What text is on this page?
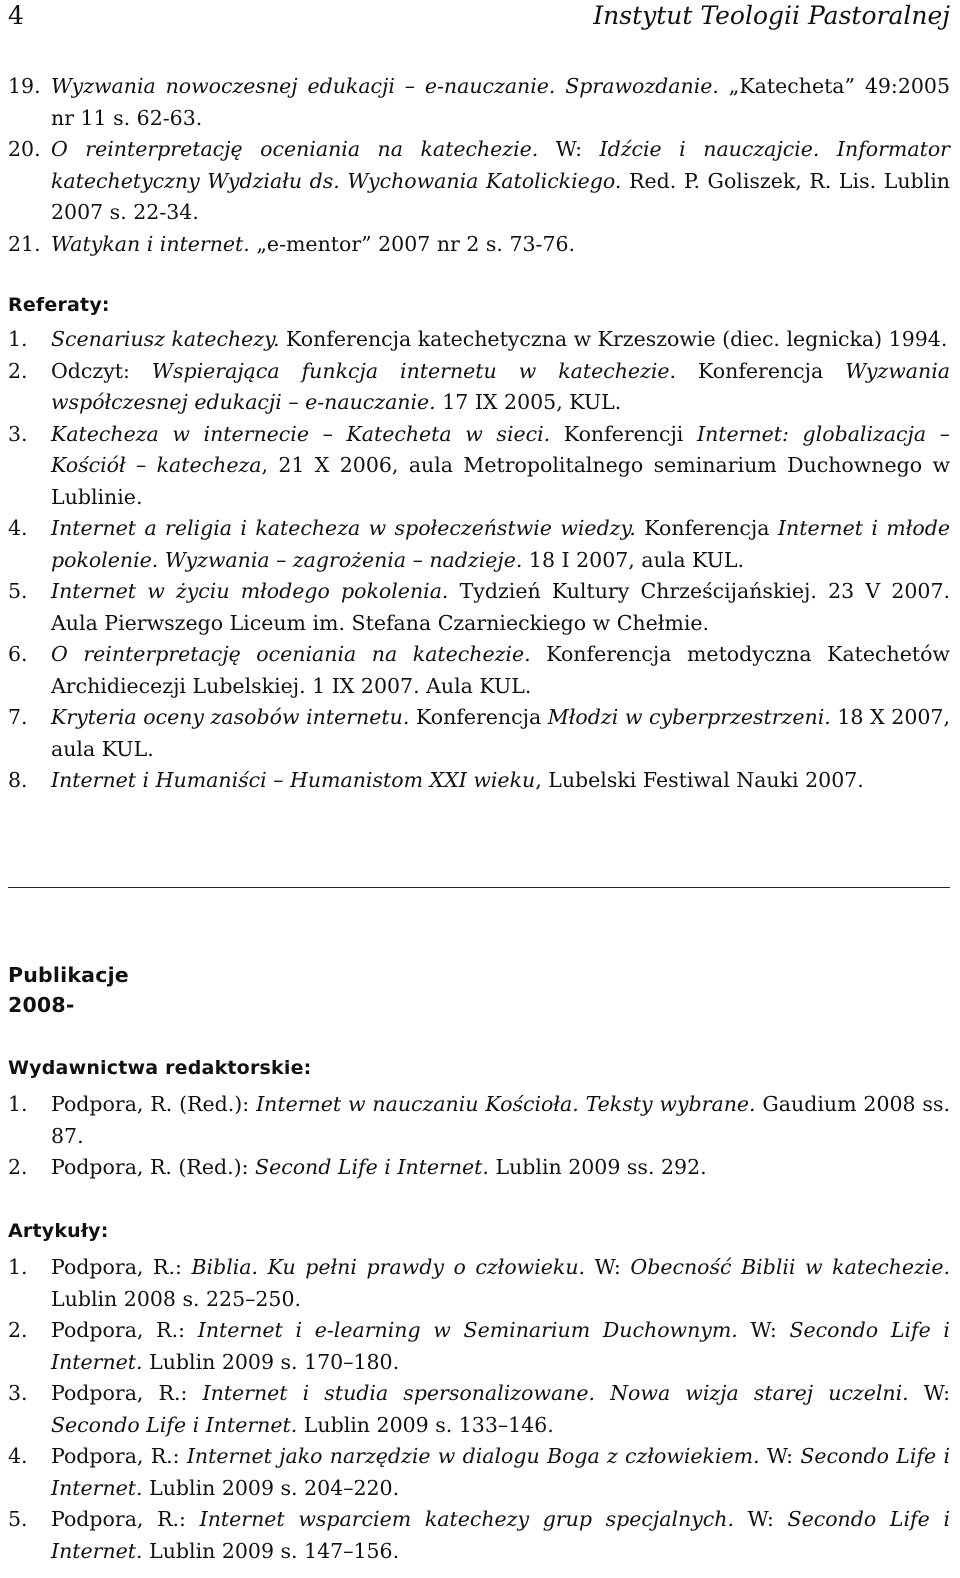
4	Instytut Teologii Pastoralnej
19. Wyzwania nowoczesnej edukacji – e-nauczanie. Sprawozdanie. „Katecheta” 49:2005 nr 11 s. 62-63.
20. O reinterpretację oceniania na katechezie. W: Idźcie i nauczajcie. Informator katechetyczny Wydziału ds. Wychowania Katolickiego. Red. P. Goliszek, R. Lis. Lublin 2007 s. 22-34.
21. Watykan i internet. „e-mentor” 2007 nr 2 s. 73-76.
Referaty:
1. Scenariusz katechezy. Konferencja katechetyczna w Krzeszowie (diec. legnicka) 1994.
2. Odczyt: Wspierająca funkcja internetu w katechezie. Konferencja Wyzwania współczesnej edukacji – e-nauczanie. 17 IX 2005, KUL.
3. Katecheza w internecie – Katecheta w sieci. Konferencji Internet: globalizacja – Kościół – katecheza, 21 X 2006, aula Metropolitalnego seminarium Duchownego w Lublinie.
4. Internet a religia i katecheza w społeczeństwie wiedzy. Konferencja Internet i młode pokolenie. Wyzwania – zagrożenia – nadzieje. 18 I 2007, aula KUL.
5. Internet w życiu młodego pokolenia. Tydzień Kultury Chrześcijańskiej. 23 V 2007. Aula Pierwszego Liceum im. Stefana Czarnieckiego w Chełmie.
6. O reinterpretację oceniania na katechezie. Konferencja metodyczna Katechetów Archidiecezji Lubelskiej. 1 IX 2007. Aula KUL.
7. Kryteria oceny zasobów internetu. Konferencja Młodzi w cyberprzestrzeni. 18 X 2007, aula KUL.
8. Internet i Humaniści – Humanistom XXI wieku, Lubelski Festiwal Nauki 2007.
Publikacje
2008-
Wydawnictwa redaktorskie:
1. Podpora, R. (Red.): Internet w nauczaniu Kościoła. Teksty wybrane. Gaudium 2008 ss. 87.
2. Podpora, R. (Red.): Second Life i Internet. Lublin 2009 ss. 292.
Artykuły:
1. Podpora, R.: Biblia. Ku pełni prawdy o człowieku. W: Obecność Biblii w katechezie. Lublin 2008 s. 225–250.
2. Podpora, R.: Internet i e-learning w Seminarium Duchownym. W: Secondo Life i Internet. Lublin 2009 s. 170–180.
3. Podpora, R.: Internet i studia spersonalizowane. Nowa wizja starej uczelni. W: Secondo Life i Internet. Lublin 2009 s. 133–146.
4. Podpora, R.: Internet jako narzędzie w dialogu Boga z człowiekiem. W: Secondo Life i Internet. Lublin 2009 s. 204–220.
5. Podpora, R.: Internet wsparciem katechezy grup specjalnych. W: Secondo Life i Internet. Lublin 2009 s. 147–156.
